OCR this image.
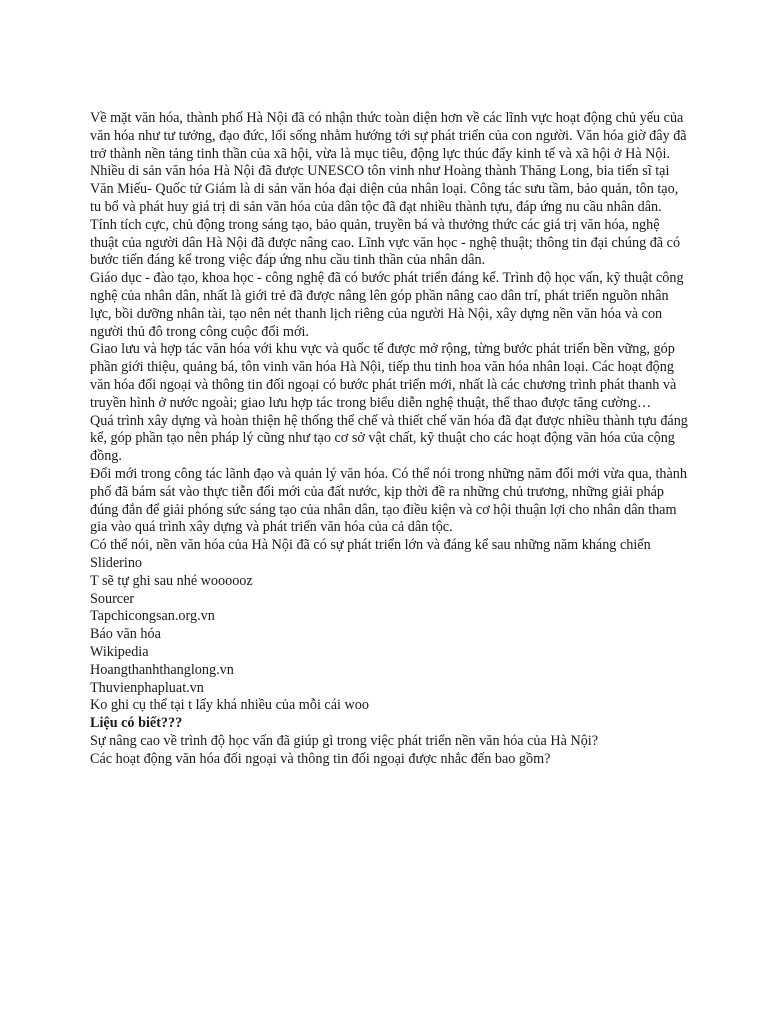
Về mặt văn hóa, thành phố Hà Nội đã có nhận thức toàn diện hơn về các lĩnh vực hoạt động chủ yếu của văn hóa như tư tưởng, đạo đức, lối sống nhằm hướng tới sự phát triển của con người. Văn hóa giờ đây đã trở thành nền tảng tinh thần của xã hội, vừa là mục tiêu, động lực thúc đẩy kinh tế và xã hội ở Hà Nội.

Nhiều di sản văn hóa Hà Nội đã được UNESCO tôn vinh như Hoàng thành Thăng Long, bia tiến sĩ tại Văn Miếu- Quốc tử Giám là di sản văn hóa đại diện của nhân loại. Công tác sưu tầm, bảo quản, tôn tạo, tu bổ và phát huy giá trị di sản văn hóa của dân tộc đã đạt nhiều thành tựu, đáp ứng nu cầu nhân dân.

Tính tích cực, chủ động trong sáng tạo, bảo quản, truyền bá và thưởng thức các giá trị văn hóa, nghệ thuật của người dân Hà Nội đã được nâng cao. Lĩnh vực văn học - nghệ thuật; thông tin đại chúng đã có bước tiến đáng kể trong việc đáp ứng nhu cầu tinh thần của nhân dân.

Giáo dục - đào tạo, khoa học - công nghệ đã có bước phát triển đáng kể. Trình độ học vấn, kỹ thuật công nghệ của nhân dân, nhất là giới trẻ đã được nâng lên góp phần nâng cao dân trí, phát triển nguồn nhân lực, bồi dưỡng nhân tài, tạo nên nét thanh lịch riêng của người Hà Nội, xây dựng nền văn hóa và con người thủ đô trong công cuộc đổi mới.

Giao lưu và hợp tác văn hóa với khu vực và quốc tế được mở rộng, từng bước phát triển bền vững, góp phần giới thiệu, quảng bá, tôn vinh văn hóa Hà Nội, tiếp thu tinh hoa văn hóa nhân loại. Các hoạt động văn hóa đối ngoại và thông tin đối ngoại có bước phát triển mới, nhất là các chương trình phát thanh và truyền hình ở nước ngoài; giao lưu hợp tác trong biểu diễn nghệ thuật, thể thao được tăng cường…

Quá trình xây dựng và hoàn thiện hệ thống thể chế và thiết chế văn hóa đã đạt được nhiều thành tựu đáng kể, góp phần tạo nên pháp lý cũng như tạo cơ sở vật chất, kỹ thuật cho các hoạt động văn hóa của cộng đồng.

Đổi mới trong công tác lãnh đạo và quản lý văn hóa. Có thể nói trong những năm đổi mới vừa qua, thành phố đã bám sát vào thực tiễn đổi mới của đất nước, kịp thời đề ra những chủ trương, những giải pháp đúng đắn để giải phóng sức sáng tạo của nhân dân, tạo điều kiện và cơ hội thuận lợi cho nhân dân tham gia vào quá trình xây dựng và phát triển văn hóa của cả dân tộc.

Có thể nói, nền văn hóa của Hà Nội đã có sự phát triển lớn và đáng kể sau những năm kháng chiến

Sliderino

T sẽ tự ghi sau nhé woooooz

Sourcer

Tapchicongsan.org.vn

Báo văn hóa

Wikipedia

Hoangthanhthanglong.vn

Thuvienphapluat.vn

Ko ghi cụ thể tại t lấy khá nhiều của mỗi cái woo

Liệu có biết???

Sự nâng cao về trình độ học vấn đã giúp gì trong việc phát triển nền văn hóa của Hà Nội?

Các hoạt động văn hóa đối ngoại và thông tin đối ngoại được nhắc đến bao gồm?
